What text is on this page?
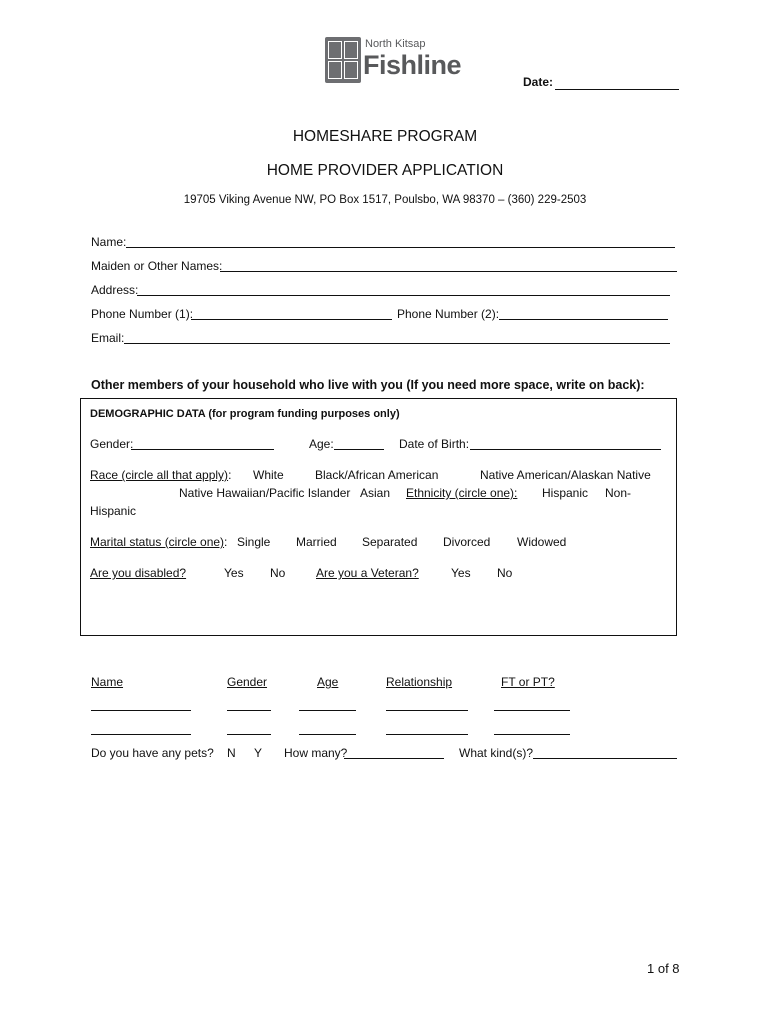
North Kitsap
Fishline
Date:
HOMESHARE PROGRAM
HOME PROVIDER APPLICATION
19705 Viking Avenue NW, PO Box 1517, Poulsbo, WA 98370 – (360) 229-2503
Name:
Maiden or Other Names:
Address:
Phone Number (1):	Phone Number (2):
Email:
Other members of your household who live with you (If you need more space, write on back):
DEMOGRAPHIC DATA (for program funding purposes only)
Gender:	Age:	Date of Birth:
Race (circle all that apply): White	Black/African American	Native American/Alaskan Native
Native Hawaiian/Pacific Islander Asian Ethnicity (circle one): Hispanic Non-
Hispanic
Marital status (circle one): Single Married Separated Divorced Widowed
Are you disabled?	Yes No	Are you a Veteran?	Yes No
Name	Gender	Age	Relationship	FT or PT?
Do you have any pets? N Y How many?	What kind(s)?
1 of 8
